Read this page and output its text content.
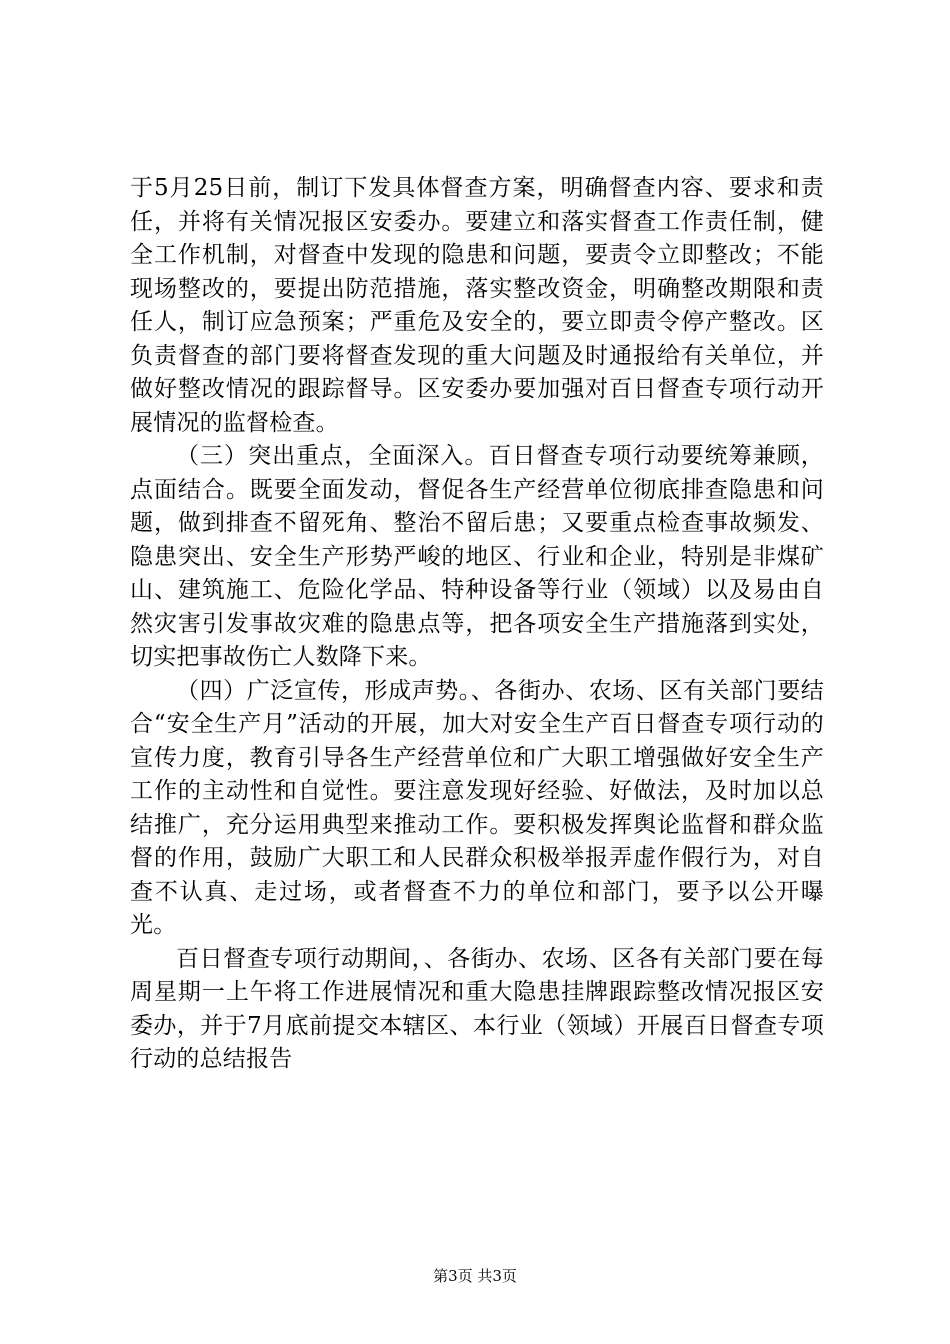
于5月25日前，制订下发具体督查方案，明确督查内容、要求和责任，并将有关情况报区安委办。要建立和落实督查工作责任制，健全工作机制，对督查中发现的隐患和问题，要责令立即整改；不能现场整改的，要提出防范措施，落实整改资金，明确整改期限和责任人，制订应急预案；严重危及安全的，要立即责令停产整改。区负责督查的部门要将督查发现的重大问题及时通报给有关单位，并做好整改情况的跟踪督导。区安委办要加强对百日督查专项行动开展情况的监督检查。

（三）突出重点，全面深入。百日督查专项行动要统筹兼顾，点面结合。既要全面发动，督促各生产经营单位彻底排查隐患和问题，做到排查不留死角、整治不留后患；又要重点检查事故频发、隐患突出、安全生产形势严峻的地区、行业和企业，特别是非煤矿山、建筑施工、危险化学品、特种设备等行业（领域）以及易由自然灾害引发事故灾难的隐患点等，把各项安全生产措施落到实处，切实把事故伤亡人数降下来。

（四）广泛宣传，形成声势。、各街办、农场、区有关部门要结合“安全生产月”活动的开展，加大对安全生产百日督查专项行动的宣传力度，教育引导各生产经营单位和广大职工增强做好安全生产工作的主动性和自觉性。要注意发现好经验、好做法，及时加以总结推广，充分运用典型来推动工作。要积极发挥舆论监督和群众监督的作用，鼓励广大职工和人民群众积极举报弄虚作假行为，对自查不认真、走过场，或者督查不力的单位和部门，要予以公开曝光。

百日督查专项行动期间，、各街办、农场、区各有关部门要在每周星期一上午将工作进展情况和重大隐患挂牌跟踪整改情况报区安委办，并于7月底前提交本辖区、本行业（领域）开展百日督查专项行动的总结报告

第3页 共3页
